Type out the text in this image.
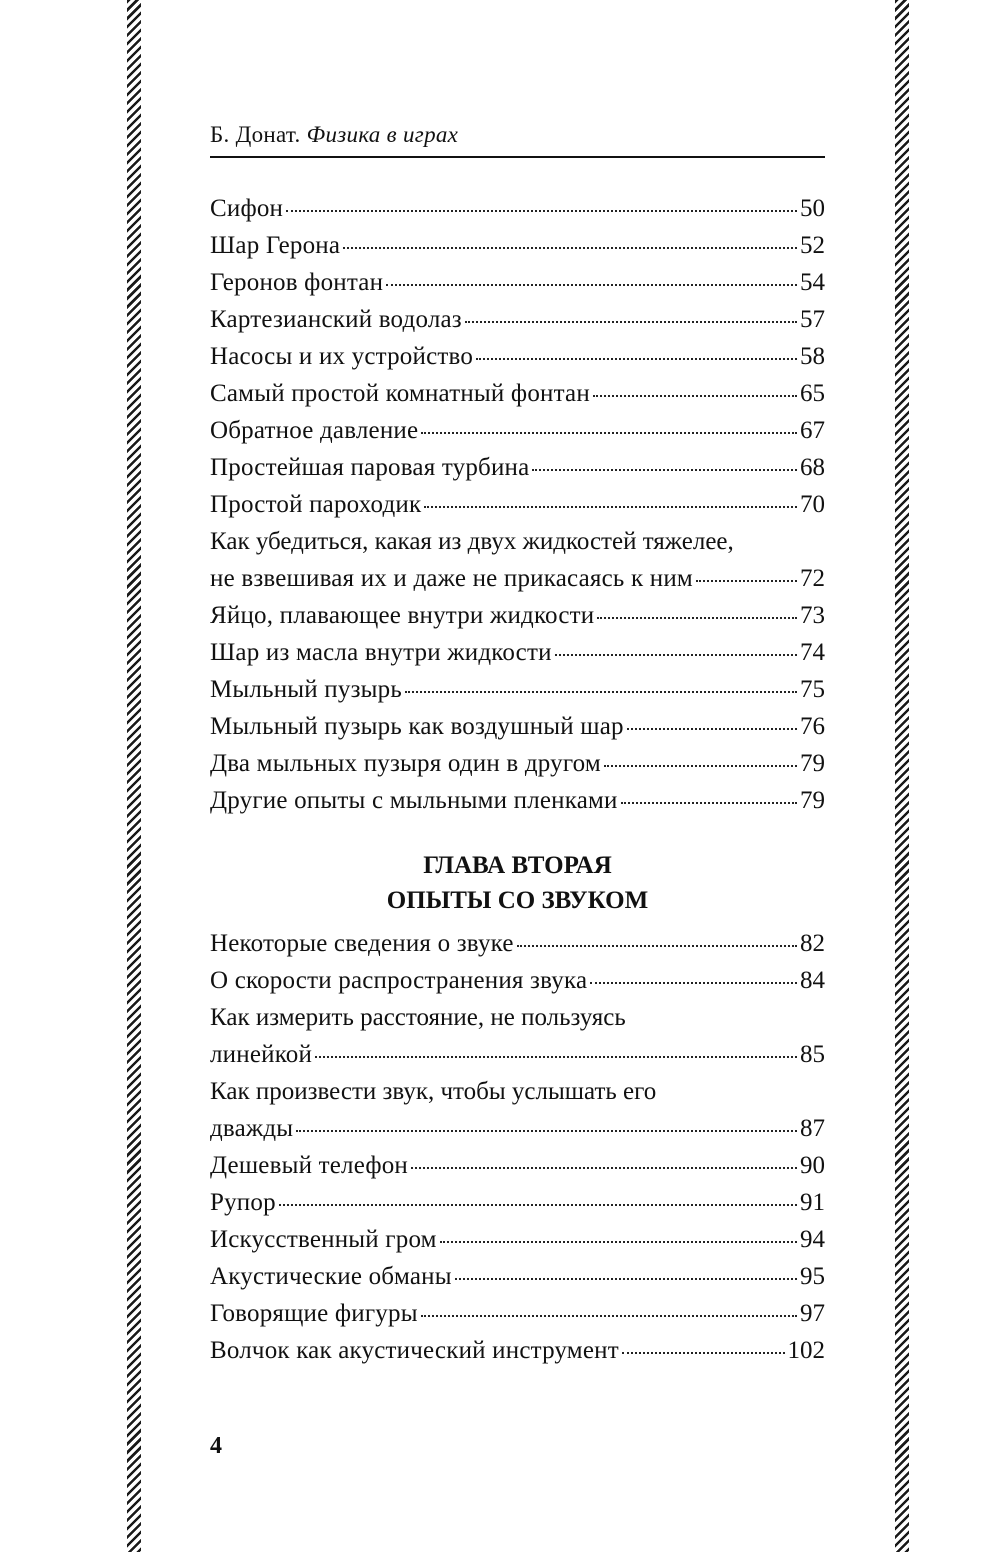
Б. Донат. Физика в играх
Сифон	50
Шар Герона	52
Геронов фонтан	54
Картезианский водолаз	57
Насосы и их устройство	58
Самый простой комнатный фонтан	65
Обратное давление	67
Простейшая паровая турбина	68
Простой пароходик	70
Как убедиться, какая из двух жидкостей тяжелее,
не взвешивая их и даже не прикасаясь к ним	72
Яйцо, плавающее внутри жидкости	73
Шар из масла внутри жидкости	74
Мыльный пузырь	75
Мыльный пузырь как воздушный шар	76
Два мыльных пузыря один в другом	79
Другие опыты с мыльными пленками	79
ГЛАВА ВТОРАЯ
ОПЫТЫ СО ЗВУКОМ
Некоторые сведения о звуке	82
О скорости распространения звука	84
Как измерить расстояние, не пользуясь
линейкой	85
Как произвести звук, чтобы услышать его
дважды	87
Дешевый телефон	90
Рупор	91
Искусственный гром	94
Акустические обманы	95
Говорящие фигуры	97
Волчок как акустический инструмент	102
4
